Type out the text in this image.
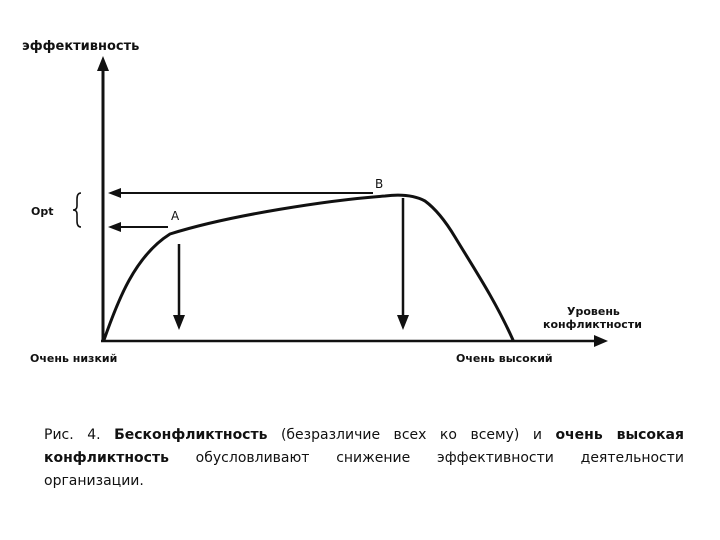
эффективность
Opt	A
B
Уровень
конфликтности
Очень низкий	Очень высокий
Рис. 4. Бесконфликтность (безразличие всех ко всему) и очень высокая конфликтность обусловливают снижение эффективности деятельности организации.
